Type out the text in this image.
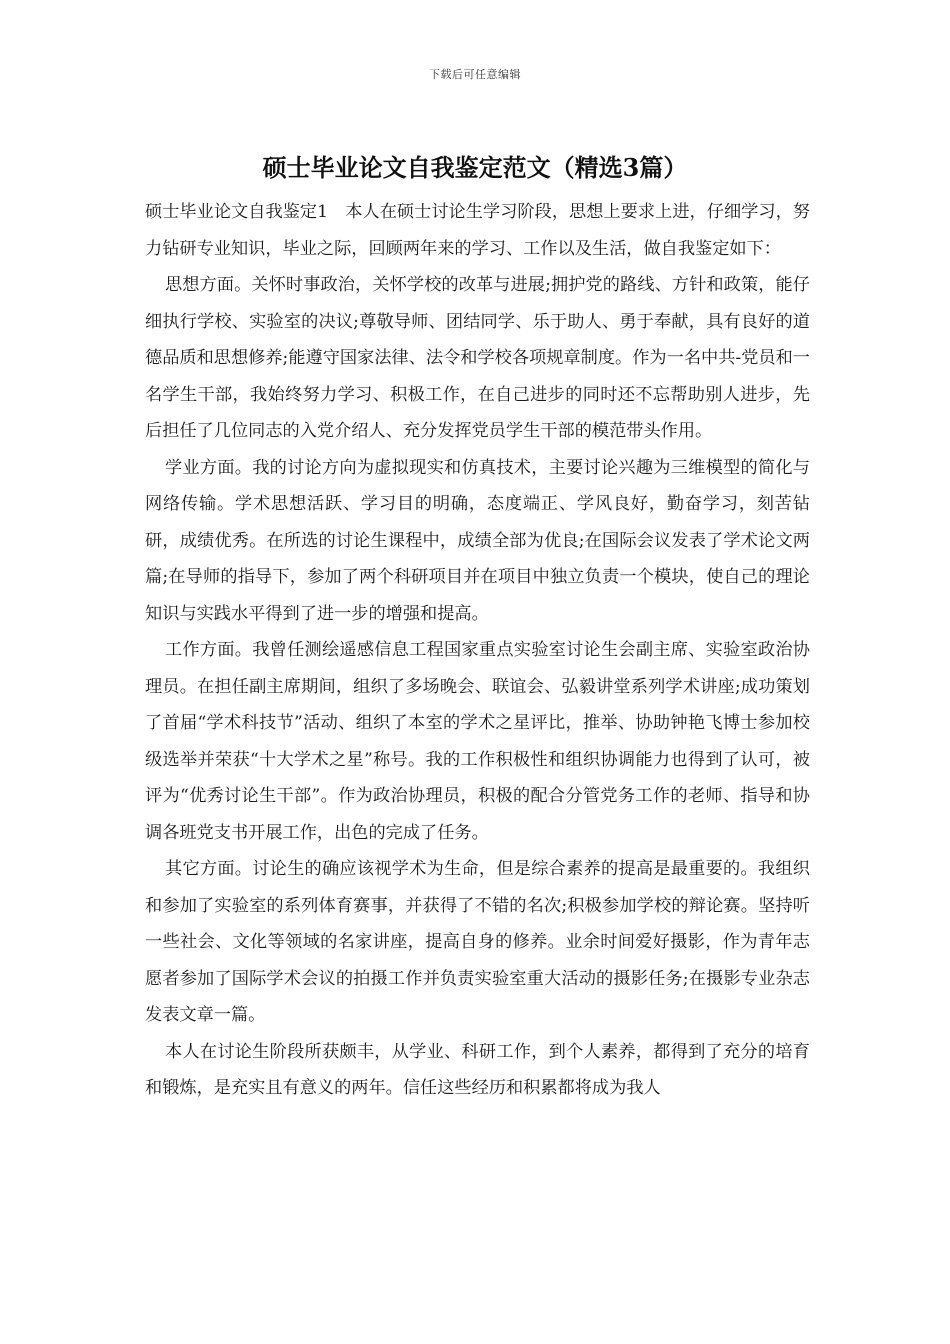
下载后可任意编辑
硕士毕业论文自我鉴定范文（精选3篇）

硕士毕业论文自我鉴定1　本人在硕士讨论生学习阶段，思想上要求上进，仔细学习，努力钻研专业知识，毕业之际，回顾两年来的学习、工作以及生活，做自我鉴定如下：

思想方面。关怀时事政治，关怀学校的改革与进展;拥护党的路线、方针和政策，能仔细执行学校、实验室的决议;尊敬导师、团结同学、乐于助人、勇于奉献，具有良好的道德品质和思想修养;能遵守国家法律、法令和学校各项规章制度。作为一名中共-党员和一名学生干部，我始终努力学习、积极工作，在自己进步的同时还不忘帮助别人进步，先后担任了几位同志的入党介绍人、充分发挥党员学生干部的模范带头作用。

学业方面。我的讨论方向为虚拟现实和仿真技术，主要讨论兴趣为三维模型的简化与网络传输。学术思想活跃、学习目的明确，态度端正、学风良好，勤奋学习，刻苦钻研，成绩优秀。在所选的讨论生课程中，成绩全部为优良;在国际会议发表了学术论文两篇;在导师的指导下，参加了两个科研项目并在项目中独立负责一个模块，使自己的理论知识与实践水平得到了进一步的增强和提高。

工作方面。我曾任测绘遥感信息工程国家重点实验室讨论生会副主席、实验室政治协理员。在担任副主席期间，组织了多场晚会、联谊会、弘毅讲堂系列学术讲座;成功策划了首届“学术科技节”活动、组织了本室的学术之星评比，推举、协助钟艳飞博士参加校级选举并荣获“十大学术之星”称号。我的工作积极性和组织协调能力也得到了认可，被评为“优秀讨论生干部”。作为政治协理员，积极的配合分管党务工作的老师、指导和协调各班党支书开展工作，出色的完成了任务。

其它方面。讨论生的确应该视学术为生命，但是综合素养的提高是最重要的。我组织和参加了实验室的系列体育赛事，并获得了不错的名次;积极参加学校的辩论赛。坚持听一些社会、文化等领域的名家讲座，提高自身的修养。业余时间爱好摄影，作为青年志愿者参加了国际学术会议的拍摄工作并负责实验室重大活动的摄影任务;在摄影专业杂志发表文章一篇。

本人在讨论生阶段所获颇丰，从学业、科研工作，到个人素养，都得到了充分的培育和锻炼，是充实且有意义的两年。信任这些经历和积累都将成为我人
